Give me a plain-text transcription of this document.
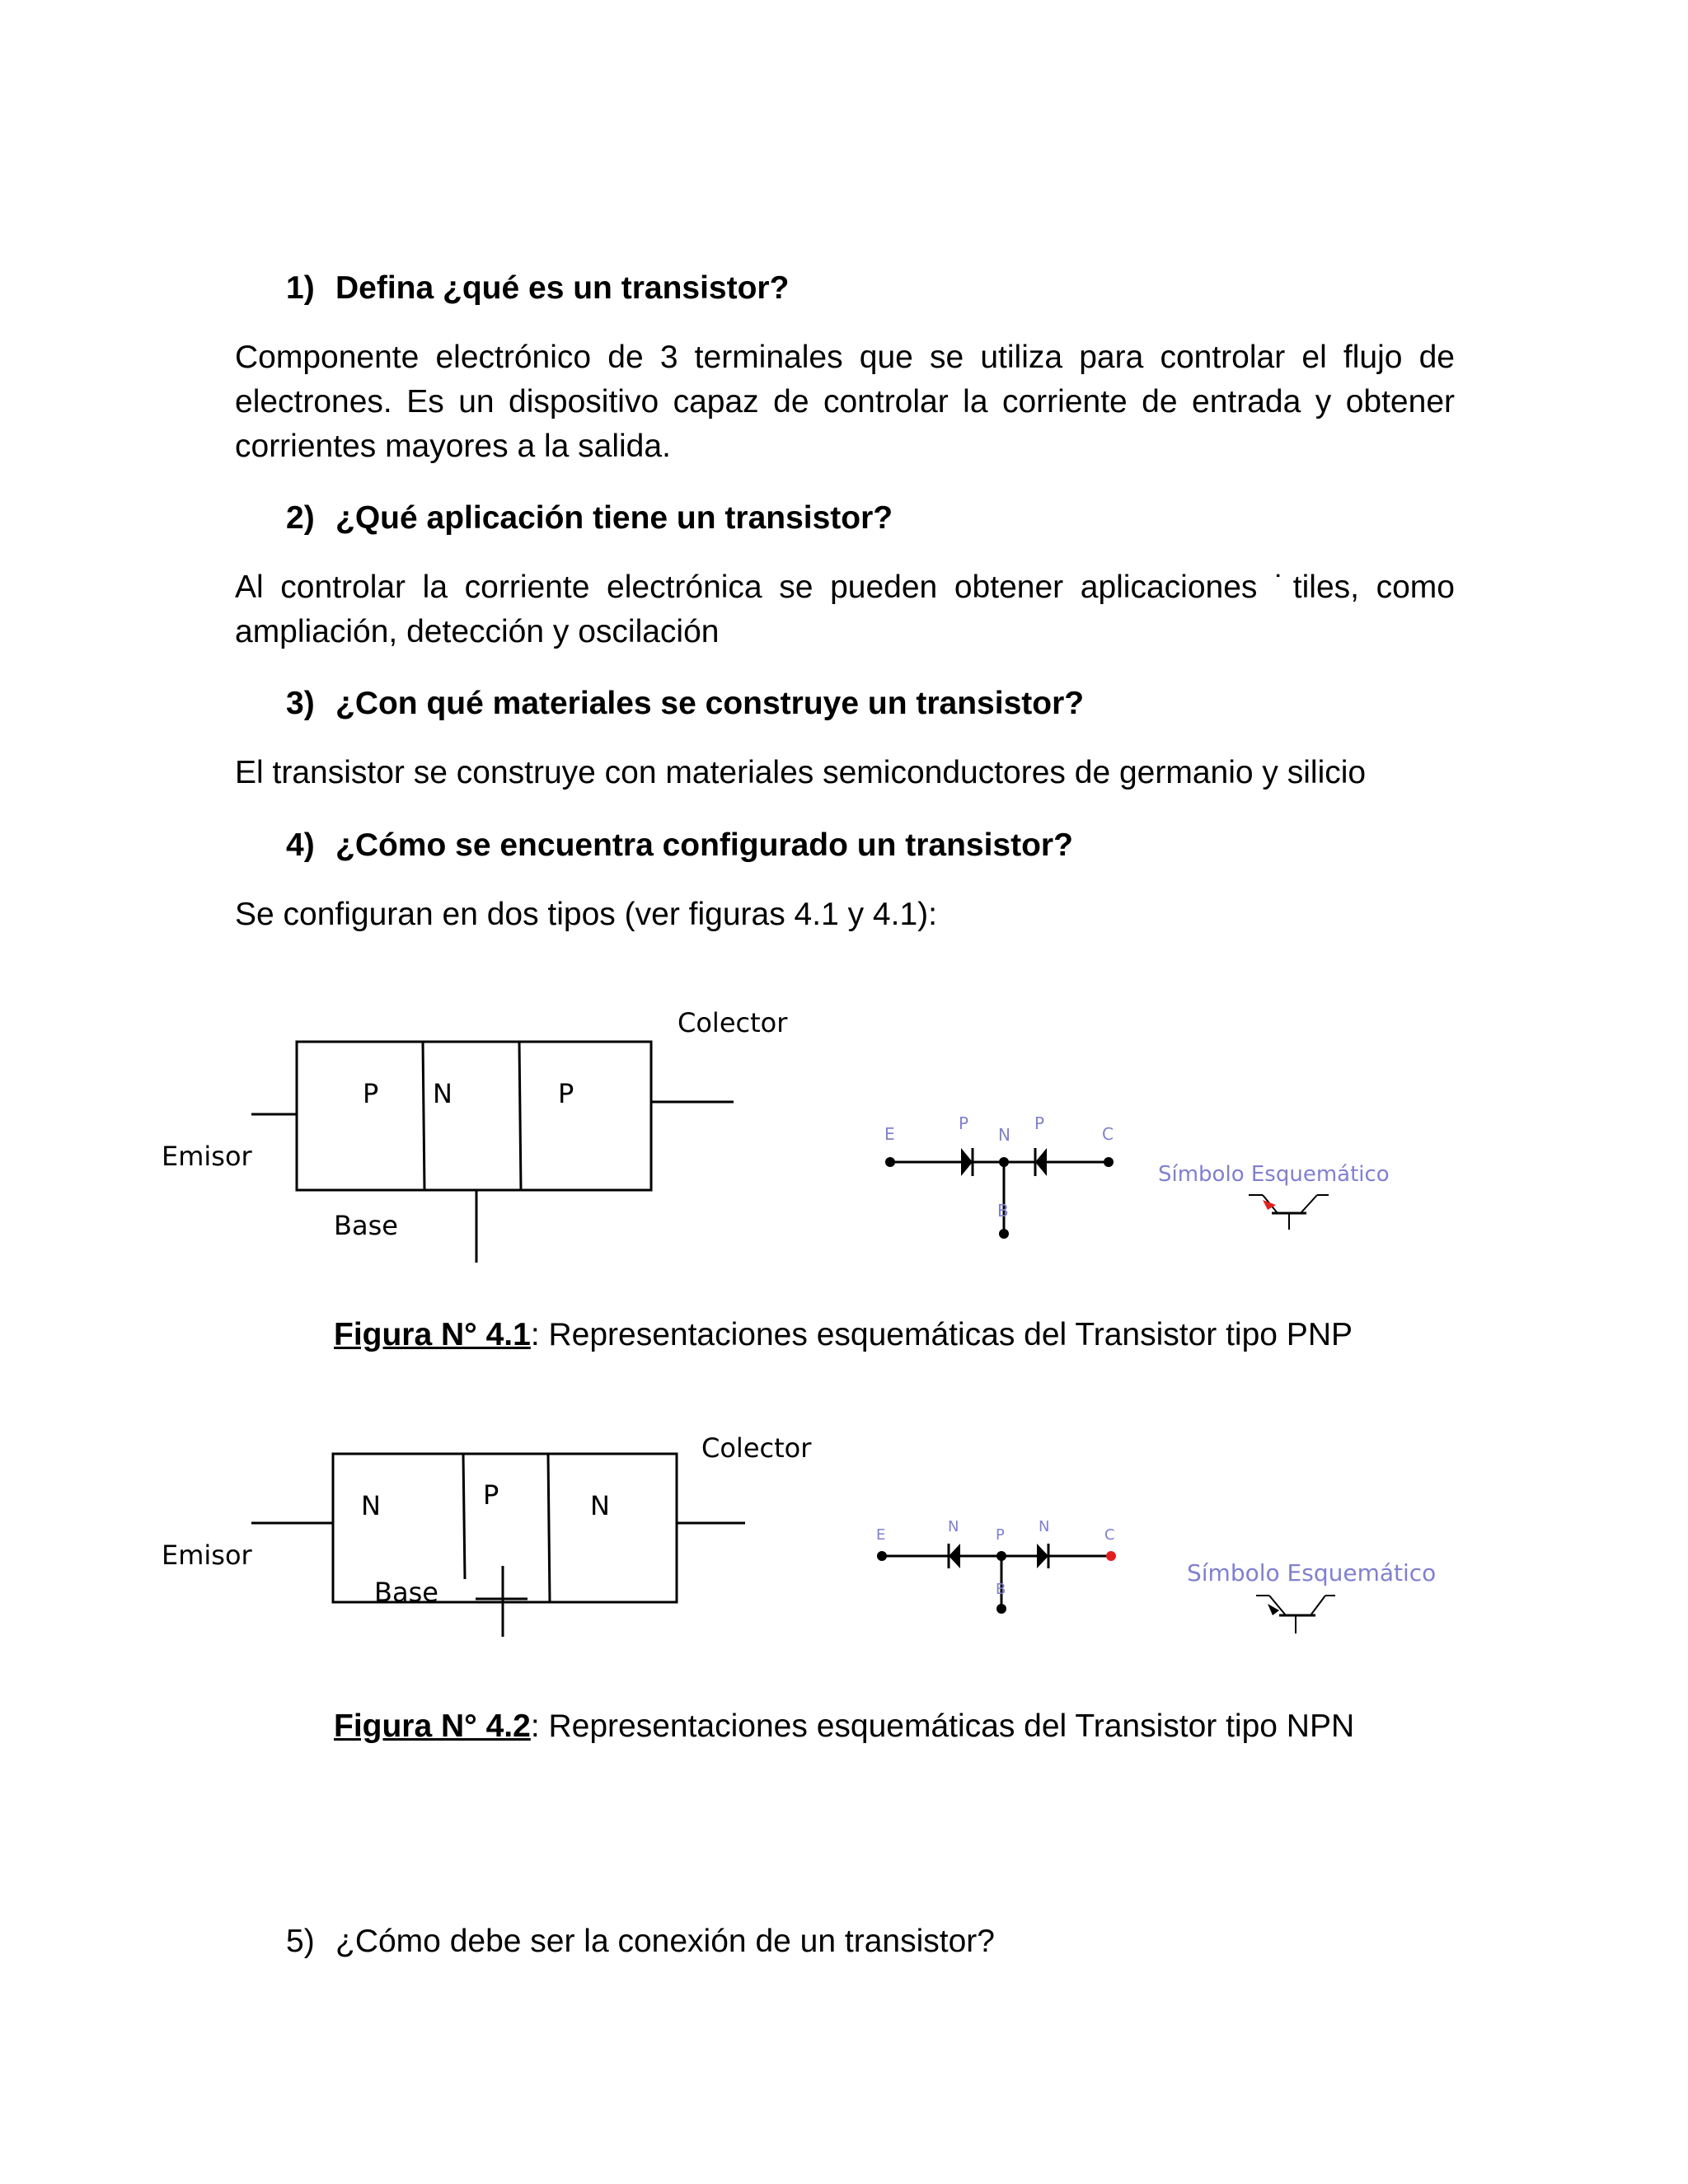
1) Defina ¿qué es un transistor?
Componente electrónico de 3 terminales que se utiliza para controlar el flujo de
electrones. Es un dispositivo capaz de controlar la corriente de entrada y obtener
corrientes mayores a la salida.
2) ¿Qué aplicación tiene un transistor?
Al controlar la corriente electrónica se pueden obtener aplicaciones ˙tiles, como
ampliación, detección y oscilación
3) ¿Con qué materiales se construye un transistor?
El transistor se construye con materiales semiconductores de germanio y silicio
4) ¿Cómo se encuentra configurado un transistor?
Se configuran en dos tipos (ver figuras 4.1 y 4.1):
P N	P
Colector
Emisor
Base
E
P
N
P
C
B
Símbolo Esquemático
Figura N° 4.1: Representaciones esquemáticas del Transistor tipo PNP
N	P	N
Colector
Emisor
Base
E	N P N	C
B
Símbolo Esquemático
Figura N° 4.2: Representaciones esquemáticas del Transistor tipo NPN
5) ¿Cómo debe ser la conexión de un transistor?
